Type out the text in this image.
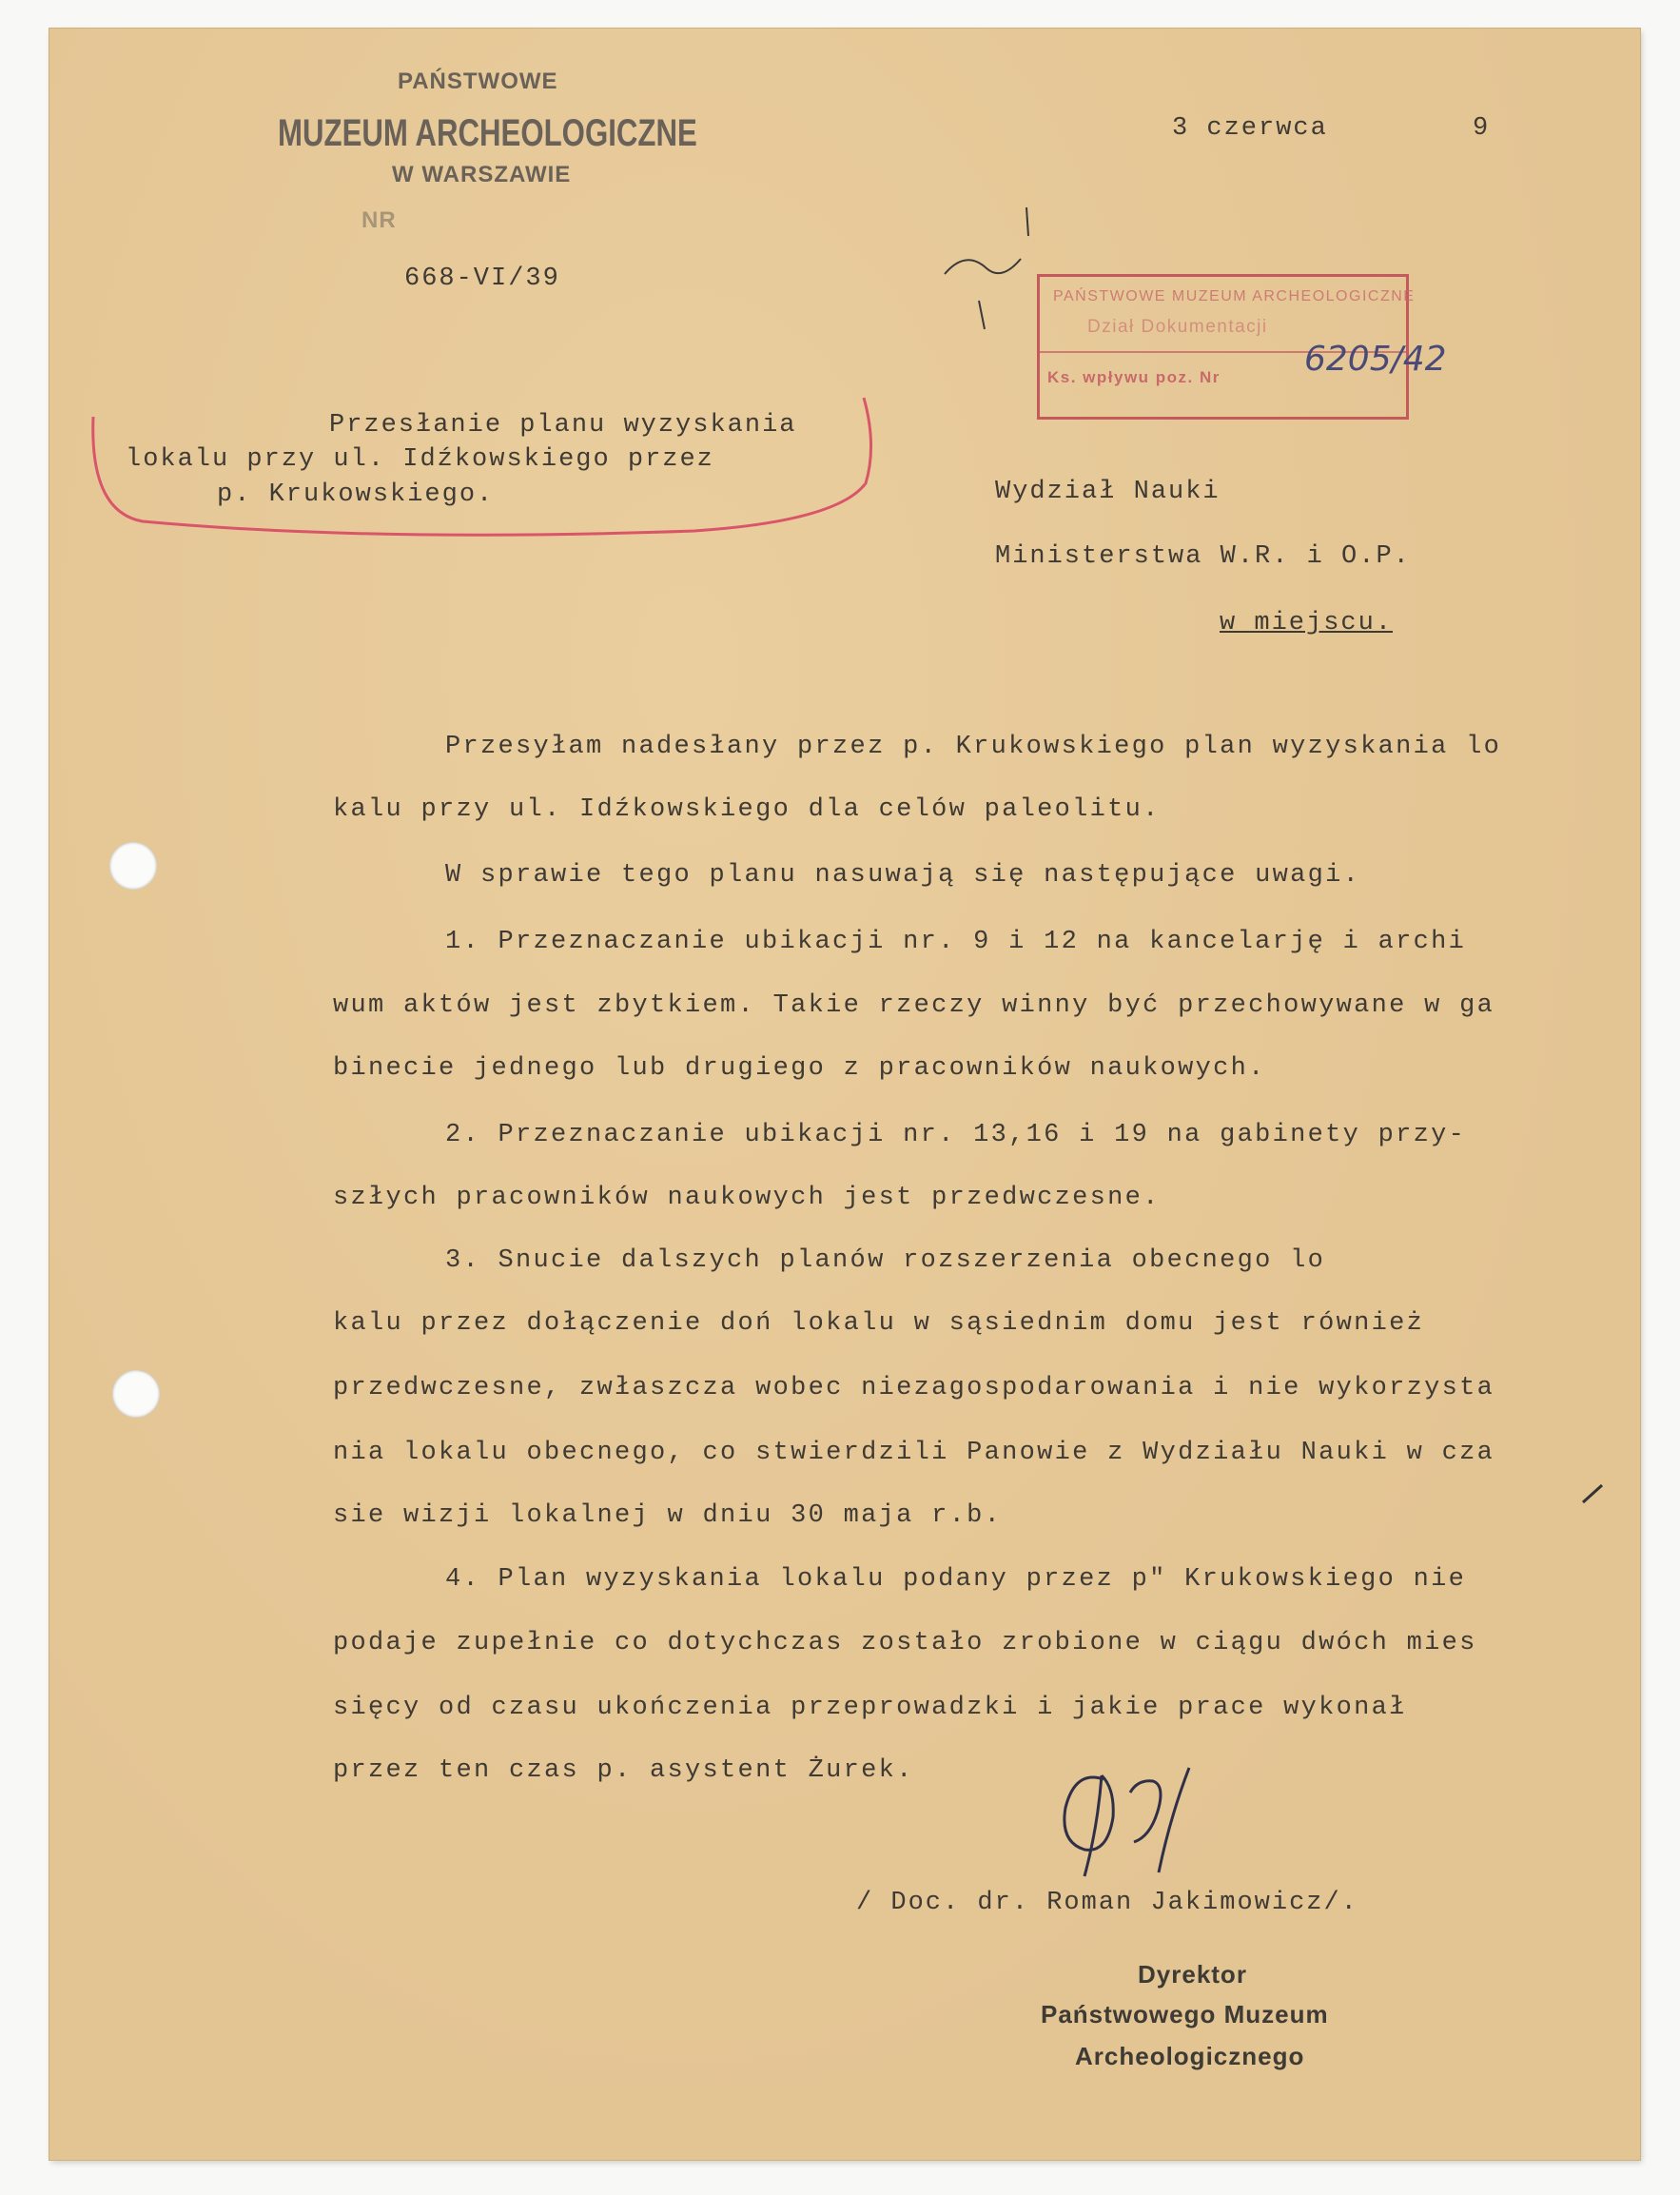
PAŃSTWOWE
MUZEUM ARCHEOLOGICZNE
W WARSZAWIE
NR
668-VI/39
3 czerwca	9
PAŃSTWOWE MUZEUM ARCHEOLOGICZNE
Dział Dokumentacji
Ks. wpływu poz. Nr 6205/42
Przesłanie planu wyzyskania
lokalu przy ul. Idźkowskiego przez
p. Krukowskiego.	Wydział Nauki
Ministerstwa W.R. i O.P.
w miejscu.
Przesyłam nadesłany przez p. Krukowskiego plan wyzyskania lo
kalu przy ul. Idźkowskiego dla celów paleolitu.
W sprawie tego planu nasuwają się następujące uwagi.
1. Przeznaczanie ubikacji nr. 9 i 12 na kancelarję i archi
wum aktów jest zbytkiem. Takie rzeczy winny być przechowywane w ga
binecie jednego lub drugiego z pracowników naukowych.
2. Przeznaczanie ubikacji nr. 13,16 i 19 na gabinety przy-
szłych pracowników naukowych jest przedwczesne.
3. Snucie dalszych planów rozszerzenia obecnego lo
kalu przez dołączenie doń lokalu w sąsiednim domu jest również
przedwczesne, zwłaszcza wobec niezagospodarowania i nie wykorzysta
nia lokalu obecnego, co stwierdzili Panowie z Wydziału Nauki w cza
sie wizji lokalnej w dniu 30 maja r.b.
4. Plan wyzyskania lokalu podany przez p" Krukowskiego nie
podaje zupełnie co dotychczas zostało zrobione w ciągu dwóch mies
sięcy od czasu ukończenia przeprowadzki i jakie prace wykonał
przez ten czas p. asystent Żurek.
/ Doc. dr. Roman Jakimowicz/.
Dyrektor
Państwowego Muzeum
Archeologicznego
